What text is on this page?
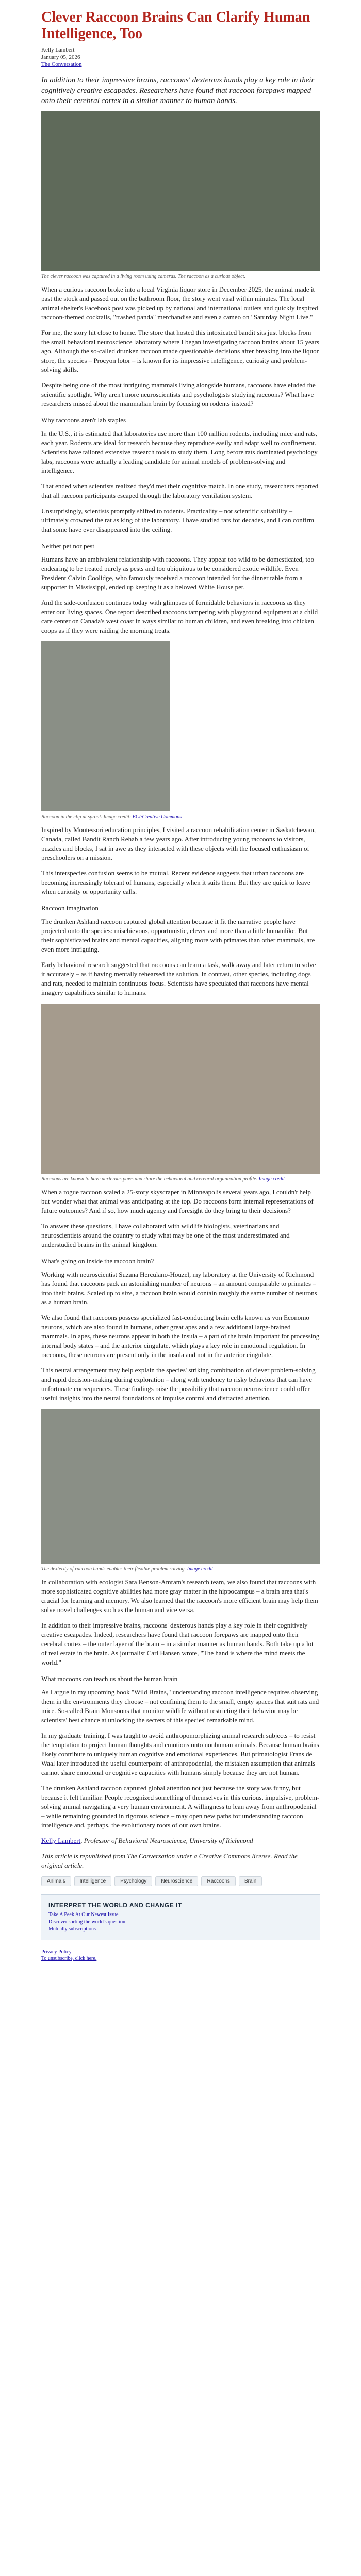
Clever Raccoon Brains Can Clarify Human Intelligence, Too
Kelly Lambert
January 05, 2026
The Conversation
In addition to their impressive brains, raccoons' dexterous hands play a key role in their cognitively creative escapades. Researchers have found that raccoon forepaws mapped onto their cerebral cortex in a similar manner to human hands.
The clever raccoon was captured in a living room using cameras. The raccoon as a curious object.

When a curious raccoon broke into a local Virginia liquor store in December 2025, the animal made it past the stock and passed out on the bathroom floor, the story went viral within minutes. The local animal shelter's Facebook post was picked up by national and international outlets and quickly inspired raccoon-themed cocktails, "trashed panda" merchandise and even a cameo on "Saturday Night Live."

For me, the story hit close to home. The store that hosted this intoxicated bandit sits just blocks from the small behavioral neuroscience laboratory where I began investigating raccoon brains about 15 years ago. Although the so-called drunken raccoon made questionable decisions after breaking into the liquor store, the species – Procyon lotor – is known for its impressive intelligence, curiosity and problem-solving skills.

Despite being one of the most intriguing mammals living alongside humans, raccoons have eluded the scientific spotlight. Why aren't more neuroscientists and psychologists studying raccoons? What have researchers missed about the mammalian brain by focusing on rodents instead?

Why raccoons aren't lab staples

In the U.S., it is estimated that laboratories use more than 100 million rodents, including mice and rats, each year. Rodents are ideal for research because they reproduce easily and adapt well to confinement. Scientists have tailored extensive research tools to study them. Long before rats dominated psychology labs, raccoons were actually a leading candidate for animal models of problem-solving and intelligence.

That ended when scientists realized they'd met their cognitive match. In one study, researchers reported that all raccoon participants escaped through the laboratory ventilation system.

Unsurprisingly, scientists promptly shifted to rodents. Practicality – not scientific suitability – ultimately crowned the rat as king of the laboratory. I have studied rats for decades, and I can confirm that some have ever disappeared into the ceiling.

Neither pet nor pest

Humans have an ambivalent relationship with raccoons. They appear too wild to be domesticated, too endearing to be treated purely as pests and too ubiquitous to be considered exotic wildlife. Even President Calvin Coolidge, who famously received a raccoon intended for the dinner table from a supporter in Mississippi, ended up keeping it as a beloved White House pet.

And the side-confusion continues today with glimpses of formidable behaviors in raccoons as they enter our living spaces. One report described raccoons tampering with playground equipment at a child care center on Canada's west coast in ways similar to human children, and even breaking into chicken coops as if they were raiding the morning treats.

Raccoon in the clip at sprout. Image credit: ECI/Creative Commons

Inspired by Montessori education principles, I visited a raccoon rehabilitation center in Saskatchewan, Canada, called Bandit Ranch Rehab a few years ago. After introducing young raccoons to visitors, puzzles and blocks, I sat in awe as they interacted with these objects with the focused enthusiasm of preschoolers on a mission.

This interspecies confusion seems to be mutual. Recent evidence suggests that urban raccoons are becoming increasingly tolerant of humans, especially when it suits them. But they are quick to leave when curiosity or opportunity calls.

Raccoon imagination

The drunken Ashland raccoon captured global attention because it fit the narrative people have projected onto the species: mischievous, opportunistic, clever and more than a little humanlike. But their sophisticated brains and mental capacities, aligning more with primates than other mammals, are even more intriguing.

Early behavioral research suggested that raccoons can learn a task, walk away and later return to solve it accurately – as if having mentally rehearsed the solution. In contrast, other species, including dogs and rats, needed to maintain continuous focus. Scientists have speculated that raccoons have mental imagery capabilities similar to humans.

Raccoons are known to have dexterous paws and share the behavioral and cerebral organization profile. Image credit

When a rogue raccoon scaled a 25-story skyscraper in Minneapolis several years ago, I couldn't help but wonder what that animal was anticipating at the top. Do raccoons form internal representations of future outcomes? And if so, how much agency and foresight do they bring to their decisions?

To answer these questions, I have collaborated with wildlife biologists, veterinarians and neuroscientists around the country to study what may be one of the most underestimated and understudied brains in the animal kingdom.

What's going on inside the raccoon brain?

Working with neuroscientist Suzana Herculano-Houzel, my laboratory at the University of Richmond has found that raccoons pack an astonishing number of neurons – an amount comparable to primates – into their brains. Scaled up to size, a raccoon brain would contain roughly the same number of neurons as a human brain.

We also found that raccoons possess specialized fast-conducting brain cells known as von Economo neurons, which are also found in humans, other great apes and a few additional large-brained mammals. In apes, these neurons appear in both the insula – a part of the brain important for processing internal body states – and the anterior cingulate, which plays a key role in emotional regulation. In raccoons, these neurons are present only in the insula and not in the anterior cingulate.

This neural arrangement may help explain the species' striking combination of clever problem-solving and rapid decision-making during exploration – along with tendency to risky behaviors that can have unfortunate consequences. These findings raise the possibility that raccoon neuroscience could offer useful insights into the neural foundations of impulse control and distracted attention.

The dexterity of raccoon hands enables their flexible problem solving. Image credit

In collaboration with ecologist Sara Benson-Amram's research team, we also found that raccoons with more sophisticated cognitive abilities had more gray matter in the hippocampus – a brain area that's crucial for learning and memory. We also learned that the raccoon's more efficient brain may help them solve novel challenges such as the human and vice versa.

In addition to their impressive brains, raccoons' dexterous hands play a key role in their cognitively creative escapades. Indeed, researchers have found that raccoon forepaws are mapped onto their cerebral cortex – the outer layer of the brain – in a similar manner as human hands. Both take up a lot of real estate in the brain. As journalist Carl Hansen wrote, "The hand is where the mind meets the world."

What raccoons can teach us about the human brain

As I argue in my upcoming book "Wild Brains," understanding raccoon intelligence requires observing them in the environments they choose – not confining them to the small, empty spaces that suit rats and mice. So-called Brain Monsoons that monitor wildlife without restricting their behavior may be scientists' best chance at unlocking the secrets of this species' remarkable mind.

In my graduate training, I was taught to avoid anthropomorphizing animal research subjects – to resist the temptation to project human thoughts and emotions onto nonhuman animals. Because human brains likely contribute to uniquely human cognitive and emotional experiences. But primatologist Frans de Waal later introduced the useful counterpoint of anthropodenial, the mistaken assumption that animals cannot share emotional or cognitive capacities with humans simply because they are not human.

The drunken Ashland raccoon captured global attention not just because the story was funny, but because it felt familiar. People recognized something of themselves in this curious, impulsive, problem-solving animal navigating a very human environment. A willingness to lean away from anthropodenial – while remaining grounded in rigorous science – may open new paths for understanding raccoon intelligence and, perhaps, the evolutionary roots of our own brains.

Kelly Lambert, Professor of Behavioral Neuroscience, University of Richmond

This article is republished from The Conversation under a Creative Commons license. Read the original article.

Animals	Intelligence	Psychology	Neuroscience	Raccoons	Brain
INTERPRET THE WORLD AND CHANGE IT
Take A Peek At Our Newest Issue
Discover sorting the world's question
Mutually subscriptions
Privacy Policy
To unsubscribe, click here.
